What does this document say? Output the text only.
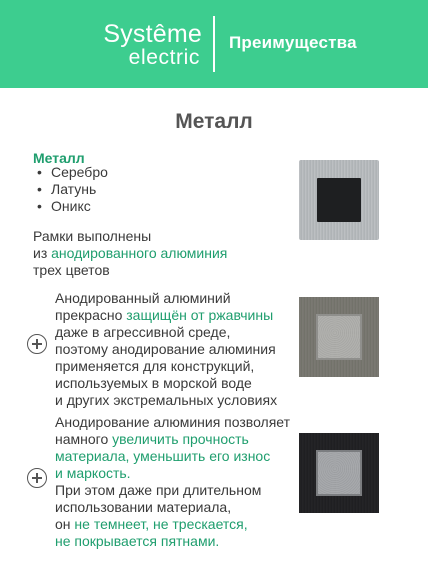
Systême
electric
Преимущества
Металл
Металл
• Серебро
• Латунь
• Оникс
Рамки выполнены
из анодированного алюминия
трех цветов
Анодированный алюминий
прекрасно защищён от ржавчины
даже в агрессивной среде,
поэтому анодирование алюминия
применяется для конструкций,
используемых в морской воде
и других экстремальных условиях
Анодирование алюминия позволяет
намного увеличить прочность
материала, уменьшить его износ
и маркость.
При этом даже при длительном
использовании материала,
он не темнеет, не трескается,
не покрывается пятнами.
